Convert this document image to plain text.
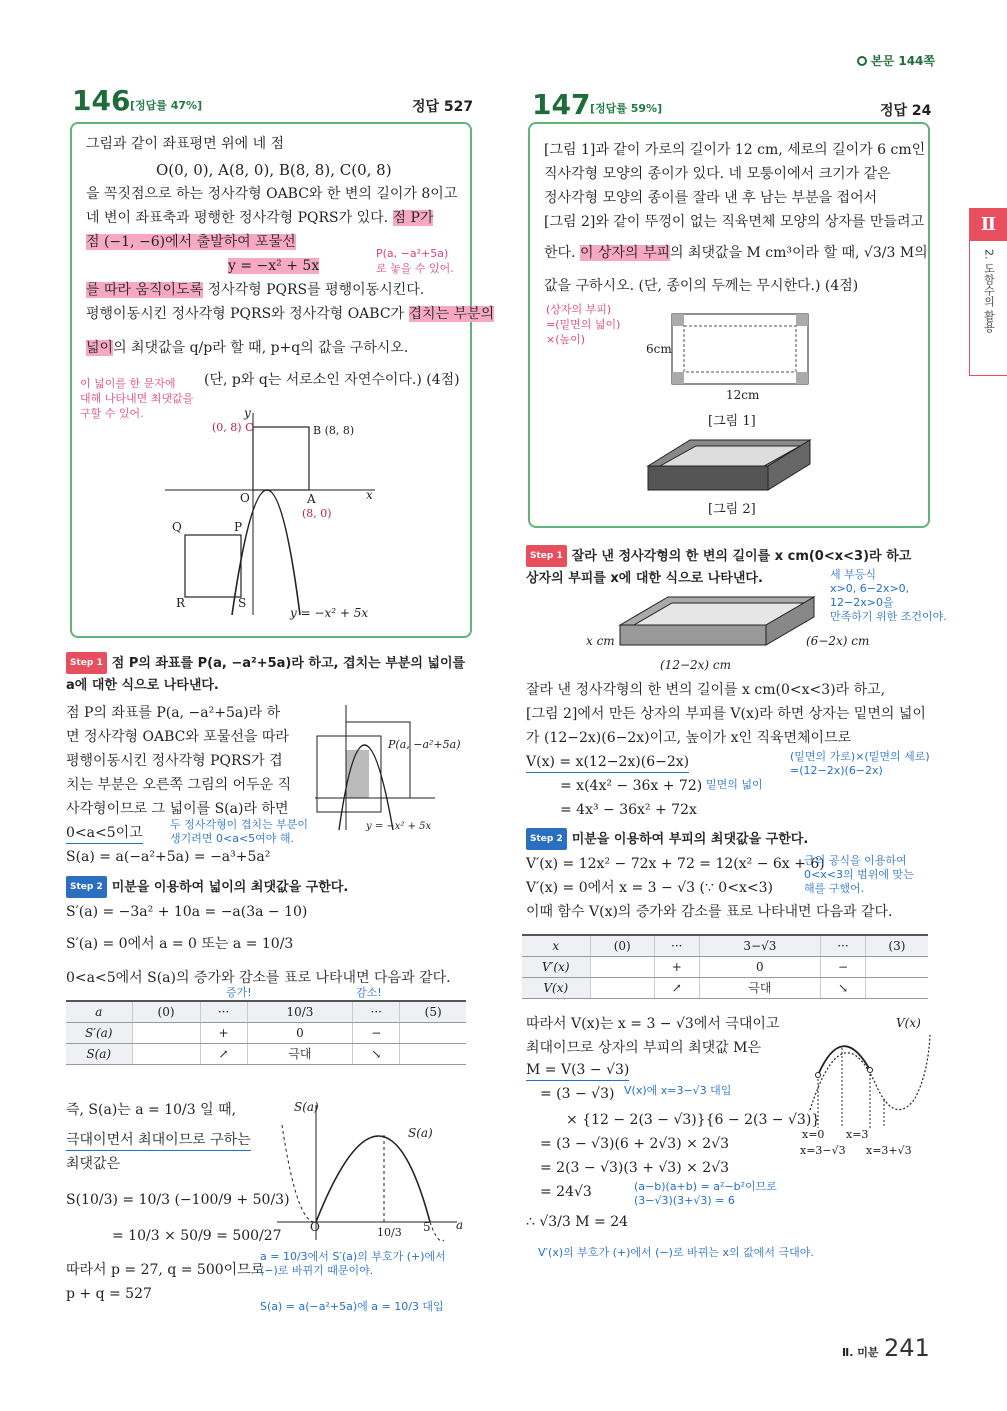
본문 144쪽
Ⅱ
2. 도함수의 활용
146 [정답률 47%]	정답 527
그림과 같이 좌표평면 위에 네 점
O(0, 0), A(8, 0), B(8, 8), C(0, 8)
을 꼭짓점으로 하는 정사각형 OABC와 한 변의 길이가 8이고
네 변이 좌표축과 평행한 정사각형 PQRS가 있다. 점 P가
점 (−1, −6)에서 출발하여 포물선
y = −x² + 5x
를 따라 움직이도록 정사각형 PQRS를 평행이동시킨다.
평행이동시킨 정사각형 PQRS와 정사각형 OABC가 겹치는 부분의
넓이의 최댓값을 q/p라 할 때, p+q의 값을 구하시오.
(단, p와 q는 서로소인 자연수이다.) (4점)
P(a, −a²+5a)
로 놓을 수 있어.
이 넓이를 한 문자에
대해 나타내면 최댓값을
구할 수 있어.
(0, 8) C	B (8, 8)
O	A
(8, 0)
x
y
Q	P
R	S
y = −x² + 5x
Step 1 점 P의 좌표를 P(a, −a²+5a)라 하고, 겹치는 부분의 넓이를
a에 대한 식으로 나타낸다.
점 P의 좌표를 P(a, −a²+5a)라 하
면 정사각형 OABC와 포물선을 따라
평행이동시킨 정사각형 PQRS가 겹
치는 부분은 오른쪽 그림의 어두운 직
사각형이므로 그 넓이를 S(a)라 하면
0<a<5이고
S(a) = a(−a²+5a) = −a³+5a²
두 정사각형이 겹치는 부분이
생기려면 0<a<5여야 해.
P(a, −a²+5a)
y = −x² + 5x
Step 2 미분을 이용하여 넓이의 최댓값을 구한다.
S′(a) = −3a² + 10a = −a(3a − 10)
S′(a) = 0에서 a = 0 또는 a = 10/3
0<a<5에서 S(a)의 증가와 감소를 표로 나타내면 다음과 같다.
증가!	감소!
a	(0)	···	10/3	···	(5)
S′(a)		+	0	−	
S(a)		↗	극대	↘	
즉, S(a)는 a = 10/3 일 때,
극대이면서 최대이므로 구하는
최댓값은
S(10/3) = 10/3 (−100/9 + 50/3)
= 10/3 × 50/9 = 500/27
따라서 p = 27, q = 500이므로
p + q = 527
a = 10/3에서 S′(a)의 부호가 (+)에서
(−)로 바뀌기 때문이야.
S(a) = a(−a²+5a)에 a = 10/3 대입
S(a)
S(a)
O	10/3 5 a
147 [정답률 59%]	정답 24
[그림 1]과 같이 가로의 길이가 12 cm, 세로의 길이가 6 cm인
직사각형 모양의 종이가 있다. 네 모퉁이에서 크기가 같은
정사각형 모양의 종이를 잘라 낸 후 남는 부분을 접어서
[그림 2]와 같이 뚜껑이 없는 직육면체 모양의 상자를 만들려고
한다. 이 상자의 부피의 최댓값을 M cm³이라 할 때, √3/3 M의
값을 구하시오. (단, 종이의 두께는 무시한다.) (4점)
(상자의 부피)
=(밑면의 넓이)
×(높이)
6cm
12cm
[그림 1]
[그림 2]
Step 1 잘라 낸 정사각형의 한 변의 길이를 x cm(0<x<3)라 하고
상자의 부피를 x에 대한 식으로 나타낸다.	세 부등식
x>0, 6−2x>0,
12−2x>0을
만족하기 위한 조건이야.
x cm
(12−2x) cm
(6−2x) cm
잘라 낸 정사각형의 한 변의 길이를 x cm(0<x<3)라 하고,
[그림 2]에서 만든 상자의 부피를 V(x)라 하면 상자는 밑면의 넓이
가 (12−2x)(6−2x)이고, 높이가 x인 직육면체이므로
V(x) = x(12−2x)(6−2x)
= x(4x² − 36x + 72)
= 4x³ − 36x² + 72x
(밑면의 가로)×(밑면의 세로)
=(12−2x)(6−2x)
밑면의 넓이
Step 2 미분을 이용하여 부피의 최댓값을 구한다.
V′(x) = 12x² − 72x + 72 = 12(x² − 6x + 6)
V′(x) = 0에서 x = 3 − √3 (∵ 0<x<3)
이때 함수 V(x)의 증가와 감소를 표로 나타내면 다음과 같다.
근의 공식을 이용하여
0<x<3의 범위에 맞는
해를 구했어.
x	(0)	···	3−√3	···	(3)
V′(x)		+	0	−	
V(x)		↗	극대	↘	
따라서 V(x)는 x = 3 − √3에서 극대이고
최대이므로 상자의 부피의 최댓값 M은
M = V(3 − √3)
= (3 − √3)
× {12 − 2(3 − √3)}{6 − 2(3 − √3)}
= (3 − √3)(6 + 2√3) × 2√3
= 2(3 − √3)(3 + √3) × 2√3
= 24√3
∴ √3/3 M = 24
V(x)에 x=3−√3 대입
(a−b)(a+b) = a²−b²이므로
(3−√3)(3+√3) = 6
V′(x)의 부호가 (+)에서 (−)로 바뀌는 x의 값에서 극대야.
V(x)
x=0 x=3
x=3−√3 x=3+√3
Ⅱ. 미분 241
